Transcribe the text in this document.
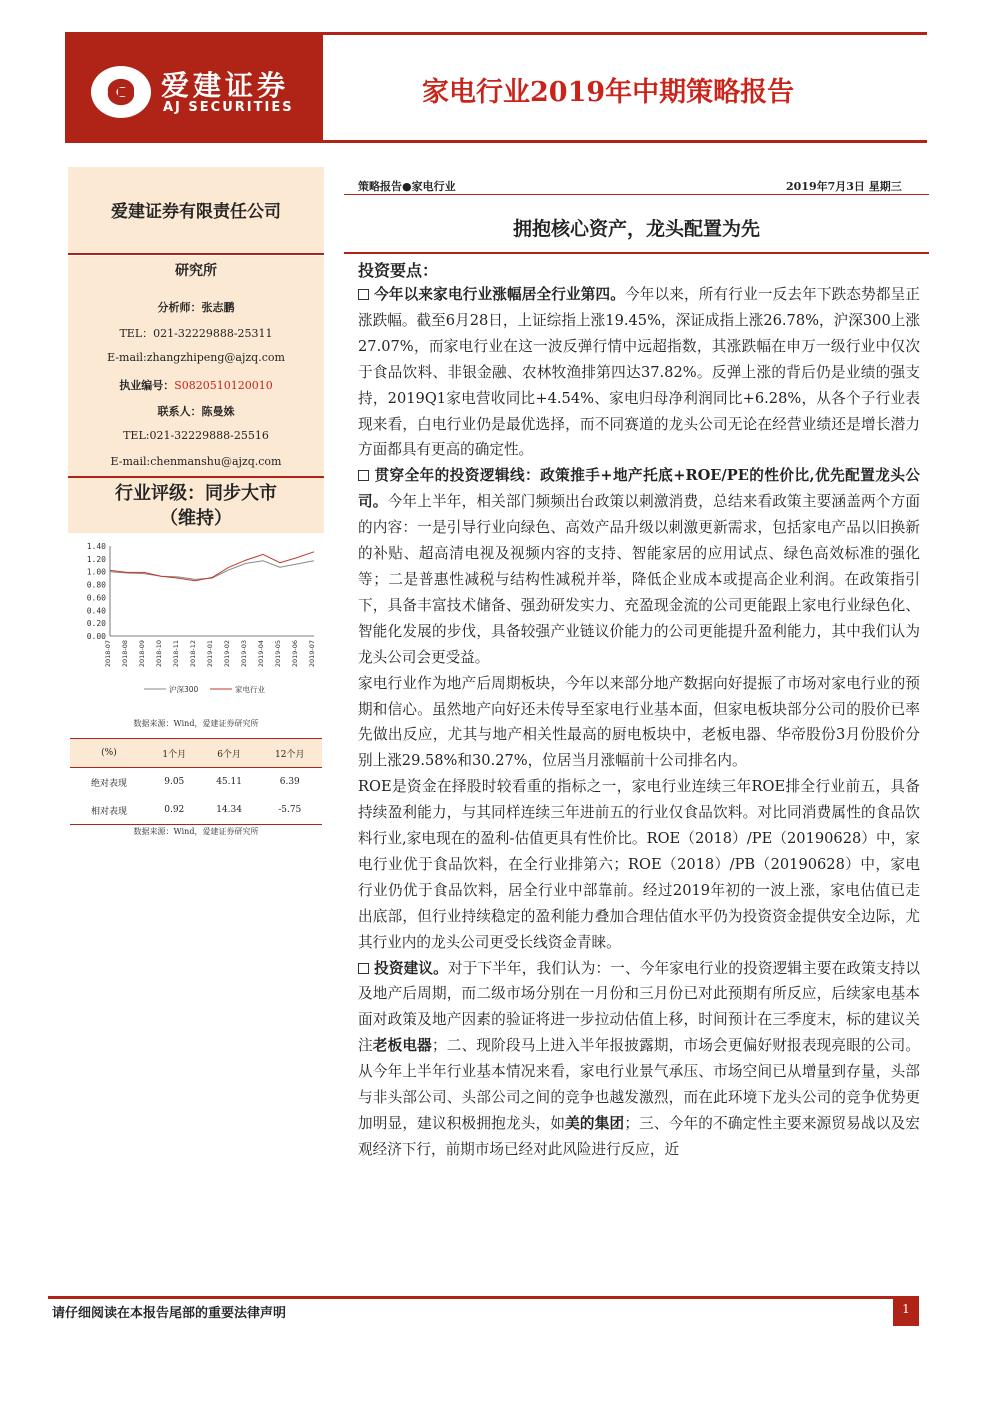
爱建证券
AJ SECURITIES	家电行业2019年中期策略报告
爱建证券有限责任公司
研究所
分析师：张志鹏
TEL：021-32229888-25311
E-mail:zhangzhipeng@ajzq.com
执业编号：S0820510120010
联系人：陈曼姝
TEL:021-32229888-25516
E-mail:chenmanshu@ajzq.com
行业评级：同步大市
（维持）
1.40
1.20
1.00
0.80
0.60
0.40
0.20
0.00
2018-07 2018-08 2018-09 2018-10 2018-11 2018-12 2019-01 2019-02 2019-03 2019-04 2019-05 2019-06 2019-07
沪深300	家电行业
数据来源：Wind，爱建证券研究所
(%)	1个月	6个月	12个月
绝对表现	9.05	45.11	6.39
相对表现	0.92	14.34	-5.75
数据来源：Wind，爱建证券研究所
策略报告●家电行业	2019年7月3日 星期三
拥抱核心资产，龙头配置为先
投资要点：

今年以来家电行业涨幅居全行业第四。今年以来，所有行业一反去年下跌态势都呈正涨跌幅。截至6月28日，上证综指上涨19.45%，深证成指上涨26.78%，沪深300上涨27.07%，而家电行业在这一波反弹行情中远超指数，其涨跌幅在申万一级行业中仅次于食品饮料、非银金融、农林牧渔排第四达37.82%。反弹上涨的背后仍是业绩的强支持，2019Q1家电营收同比+4.54%、家电归母净利润同比+6.28%，从各个子行业表现来看，白电行业仍是最优选择，而不同赛道的龙头公司无论在经营业绩还是增长潜力方面都具有更高的确定性。

贯穿全年的投资逻辑线：政策推手+地产托底+ROE/PE的性价比,优先配置龙头公司。今年上半年，相关部门频频出台政策以刺激消费，总结来看政策主要涵盖两个方面的内容：一是引导行业向绿色、高效产品升级以刺激更新需求，包括家电产品以旧换新的补贴、超高清电视及视频内容的支持、智能家居的应用试点、绿色高效标准的强化等；二是普惠性减税与结构性减税并举，降低企业成本或提高企业利润。在政策指引下，具备丰富技术储备、强劲研发实力、充盈现金流的公司更能跟上家电行业绿色化、智能化发展的步伐，具备较强产业链议价能力的公司更能提升盈利能力，其中我们认为龙头公司会更受益。

家电行业作为地产后周期板块，今年以来部分地产数据向好提振了市场对家电行业的预期和信心。虽然地产向好还未传导至家电行业基本面，但家电板块部分公司的股价已率先做出反应，尤其与地产相关性最高的厨电板块中，老板电器、华帝股份3月份股价分别上涨29.58%和30.27%，位居当月涨幅前十公司排名内。

ROE是资金在择股时较看重的指标之一，家电行业连续三年ROE排全行业前五，具备持续盈利能力，与其同样连续三年进前五的行业仅食品饮料。对比同消费属性的食品饮料行业,家电现在的盈利-估值更具有性价比。ROE（2018）/PE（20190628）中，家电行业优于食品饮料，在全行业排第六；ROE（2018）/PB（20190628）中，家电行业仍优于食品饮料，居全行业中部靠前。经过2019年初的一波上涨，家电估值已走出底部，但行业持续稳定的盈利能力叠加合理估值水平仍为投资资金提供安全边际，尤其行业内的龙头公司更受长线资金青睐。

投资建议。对于下半年，我们认为：一、今年家电行业的投资逻辑主要在政策支持以及地产后周期，而二级市场分别在一月份和三月份已对此预期有所反应，后续家电基本面对政策及地产因素的验证将进一步拉动估值上移，时间预计在三季度末，标的建议关注老板电器；二、现阶段马上进入半年报披露期，市场会更偏好财报表现亮眼的公司。从今年上半年行业基本情况来看，家电行业景气承压、市场空间已从增量到存量，头部与非头部公司、头部公司之间的竞争也越发激烈，而在此环境下龙头公司的竞争优势更加明显，建议积极拥抱龙头，如美的集团；三、今年的不确定性主要来源贸易战以及宏观经济下行，前期市场已经对此风险进行反应，近

请仔细阅读在本报告尾部的重要法律声明	1
